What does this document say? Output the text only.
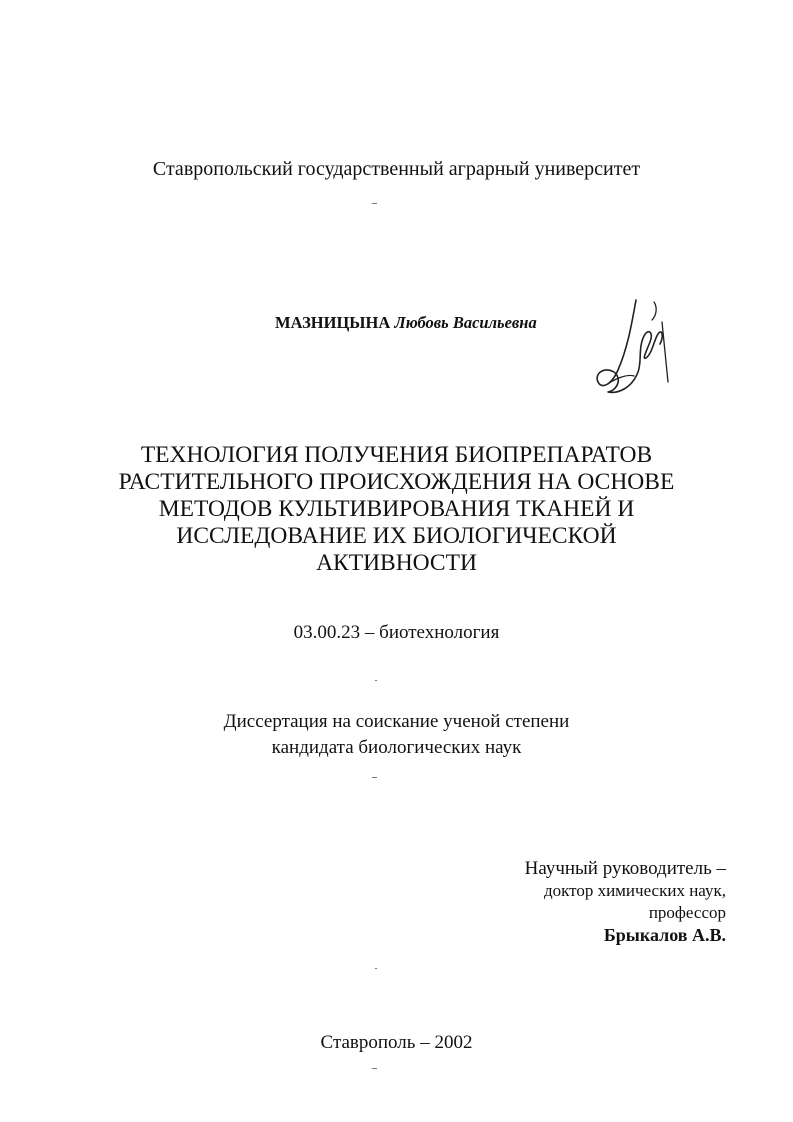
Ставропольский государственный аграрный университет
МАЗНИЦЫНА Любовь Васильевна
ТЕХНОЛОГИЯ ПОЛУЧЕНИЯ БИОПРЕПАРАТОВ
РАСТИТЕЛЬНОГО ПРОИСХОЖДЕНИЯ НА ОСНОВЕ
МЕТОДОВ КУЛЬТИВИРОВАНИЯ ТКАНЕЙ И
ИССЛЕДОВАНИЕ ИХ БИОЛОГИЧЕСКОЙ
АКТИВНОСТИ
03.00.23 – биотехнология
Диссертация на соискание ученой степени
кандидата биологических наук
Научный руководитель –
доктор химических наук,
профессор
Брыкалов А.В.
Ставрополь – 2002
